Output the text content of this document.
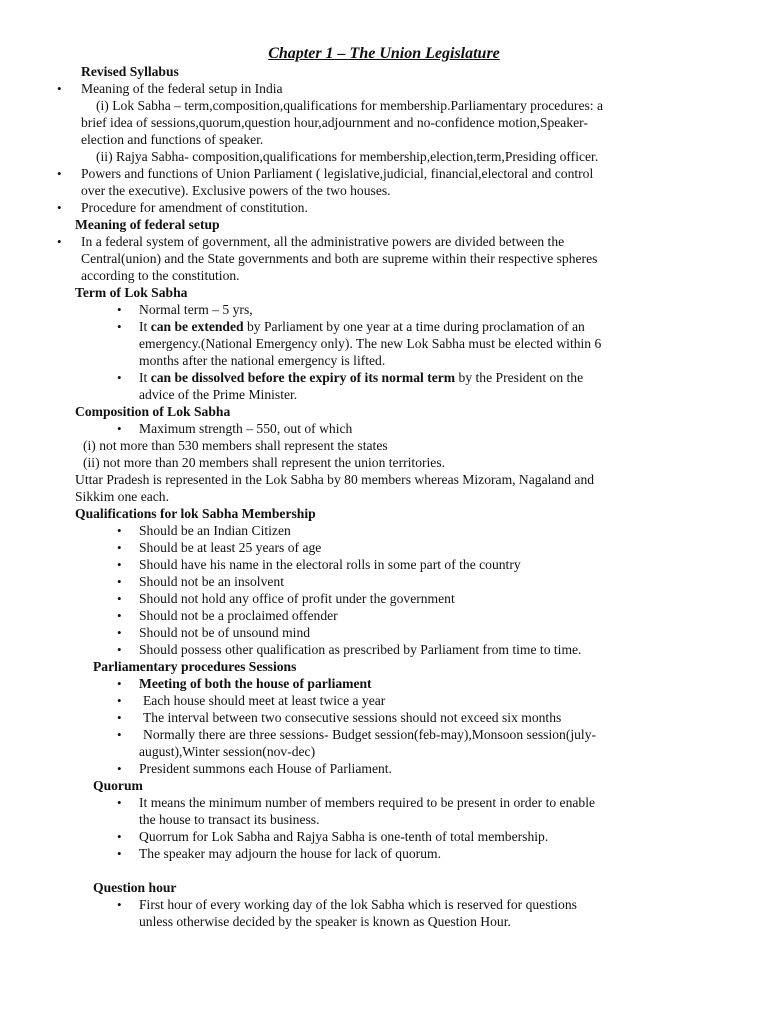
Chapter 1 – The Union Legislature
Revised Syllabus
• Meaning of the federal setup in India
(i) Lok Sabha – term,composition,qualifications for membership.Parliamentary procedures: a
brief idea of sessions,quorum,question hour,adjournment and no-confidence motion,Speaker-
election and functions of speaker.
(ii) Rajya Sabha- composition,qualifications for membership,election,term,Presiding officer.
• Powers and functions of Union Parliament ( legislative,judicial, financial,electoral and control
over the executive). Exclusive powers of the two houses.
• Procedure for amendment of constitution.
Meaning of federal setup
• In a federal system of government, all the administrative powers are divided between the
Central(union) and the State governments and both are supreme within their respective spheres
according to the constitution.
Term of Lok Sabha
• Normal term – 5 yrs,
• It can be extended by Parliament by one year at a time during proclamation of an
emergency.(National Emergency only). The new Lok Sabha must be elected within 6
months after the national emergency is lifted.
• It can be dissolved before the expiry of its normal term by the President on the
advice of the Prime Minister.
Composition of Lok Sabha
• Maximum strength – 550, out of which
(i) not more than 530 members shall represent the states
(ii) not more than 20 members shall represent the union territories.
Uttar Pradesh is represented in the Lok Sabha by 80 members whereas Mizoram, Nagaland and
Sikkim one each.
Qualifications for lok Sabha Membership
• Should be an Indian Citizen
• Should be at least 25 years of age
• Should have his name in the electoral rolls in some part of the country
• Should not be an insolvent
• Should not hold any office of profit under the government
• Should not be a proclaimed offender
• Should not be of unsound mind
• Should possess other qualification as prescribed by Parliament from time to time.
Parliamentary procedures Sessions
• Meeting of both the house of parliament
• Each house should meet at least twice a year
• The interval between two consecutive sessions should not exceed six months
• Normally there are three sessions- Budget session(feb-may),Monsoon session(july-
august),Winter session(nov-dec)
• President summons each House of Parliament.
Quorum
• It means the minimum number of members required to be present in order to enable
the house to transact its business.
• Quorrum for Lok Sabha and Rajya Sabha is one-tenth of total membership.
• The speaker may adjourn the house for lack of quorum.
Question hour
• First hour of every working day of the lok Sabha which is reserved for questions
unless otherwise decided by the speaker is known as Question Hour.
